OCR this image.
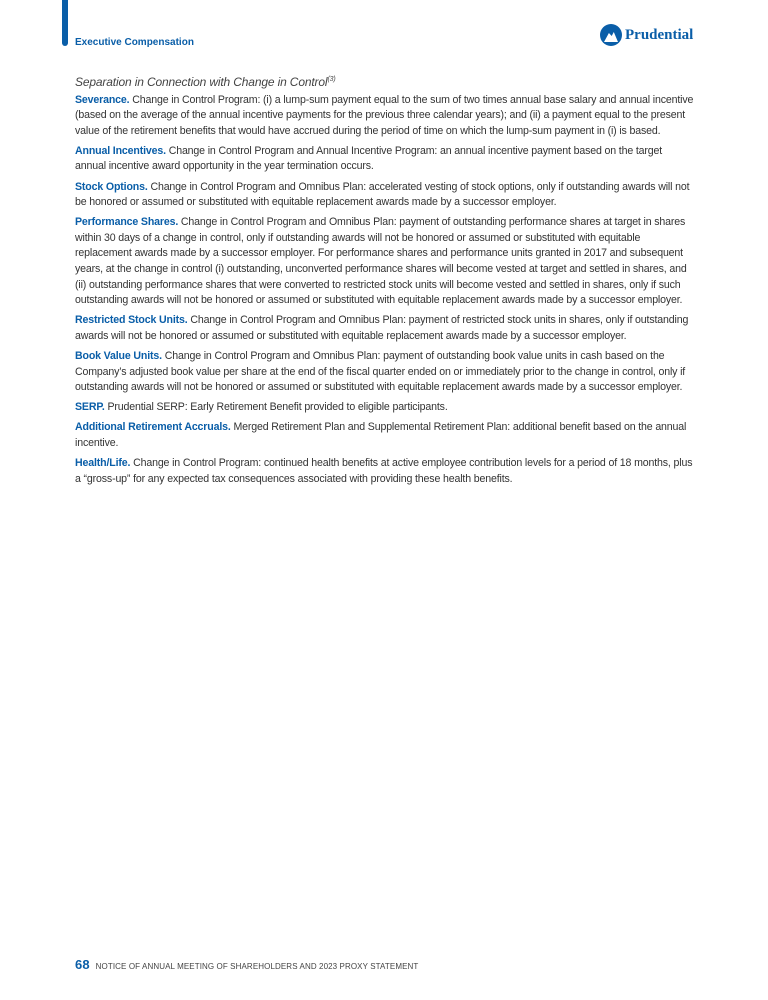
Executive Compensation	Prudential
Separation in Connection with Change in Control$^{(3)}$

Severance. Change in Control Program: (i) a lump-sum payment equal to the sum of two times annual base salary and annual incentive (based on the average of the annual incentive payments for the previous three calendar years); and (ii) a payment equal to the present value of the retirement benefits that would have accrued during the period of time on which the lump-sum payment in (i) is based.

Annual Incentives. Change in Control Program and Annual Incentive Program: an annual incentive payment based on the target annual incentive award opportunity in the year termination occurs.

Stock Options. Change in Control Program and Omnibus Plan: accelerated vesting of stock options, only if outstanding awards will not be honored or assumed or substituted with equitable replacement awards made by a successor employer.

Performance Shares. Change in Control Program and Omnibus Plan: payment of outstanding performance shares at target in shares within 30 days of a change in control, only if outstanding awards will not be honored or assumed or substituted with equitable replacement awards made by a successor employer. For performance shares and performance units granted in 2017 and subsequent years, at the change in control (i) outstanding, unconverted performance shares will become vested at target and settled in shares, and (ii) outstanding performance shares that were converted to restricted stock units will become vested and settled in shares, only if such outstanding awards will not be honored or assumed or substituted with equitable replacement awards made by a successor employer.

Restricted Stock Units. Change in Control Program and Omnibus Plan: payment of restricted stock units in shares, only if outstanding awards will not be honored or assumed or substituted with equitable replacement awards made by a successor employer.

Book Value Units. Change in Control Program and Omnibus Plan: payment of outstanding book value units in cash based on the Company’s adjusted book value per share at the end of the fiscal quarter ended on or immediately prior to the change in control, only if outstanding awards will not be honored or assumed or substituted with equitable replacement awards made by a successor employer.

SERP. Prudential SERP: Early Retirement Benefit provided to eligible participants.

Additional Retirement Accruals. Merged Retirement Plan and Supplemental Retirement Plan: additional benefit based on the annual incentive.

Health/Life. Change in Control Program: continued health benefits at active employee contribution levels for a period of 18 months, plus a “gross-up” for any expected tax consequences associated with providing these health benefits.

68 NOTICE OF ANNUAL MEETING OF SHAREHOLDERS AND 2023 PROXY STATEMENT
